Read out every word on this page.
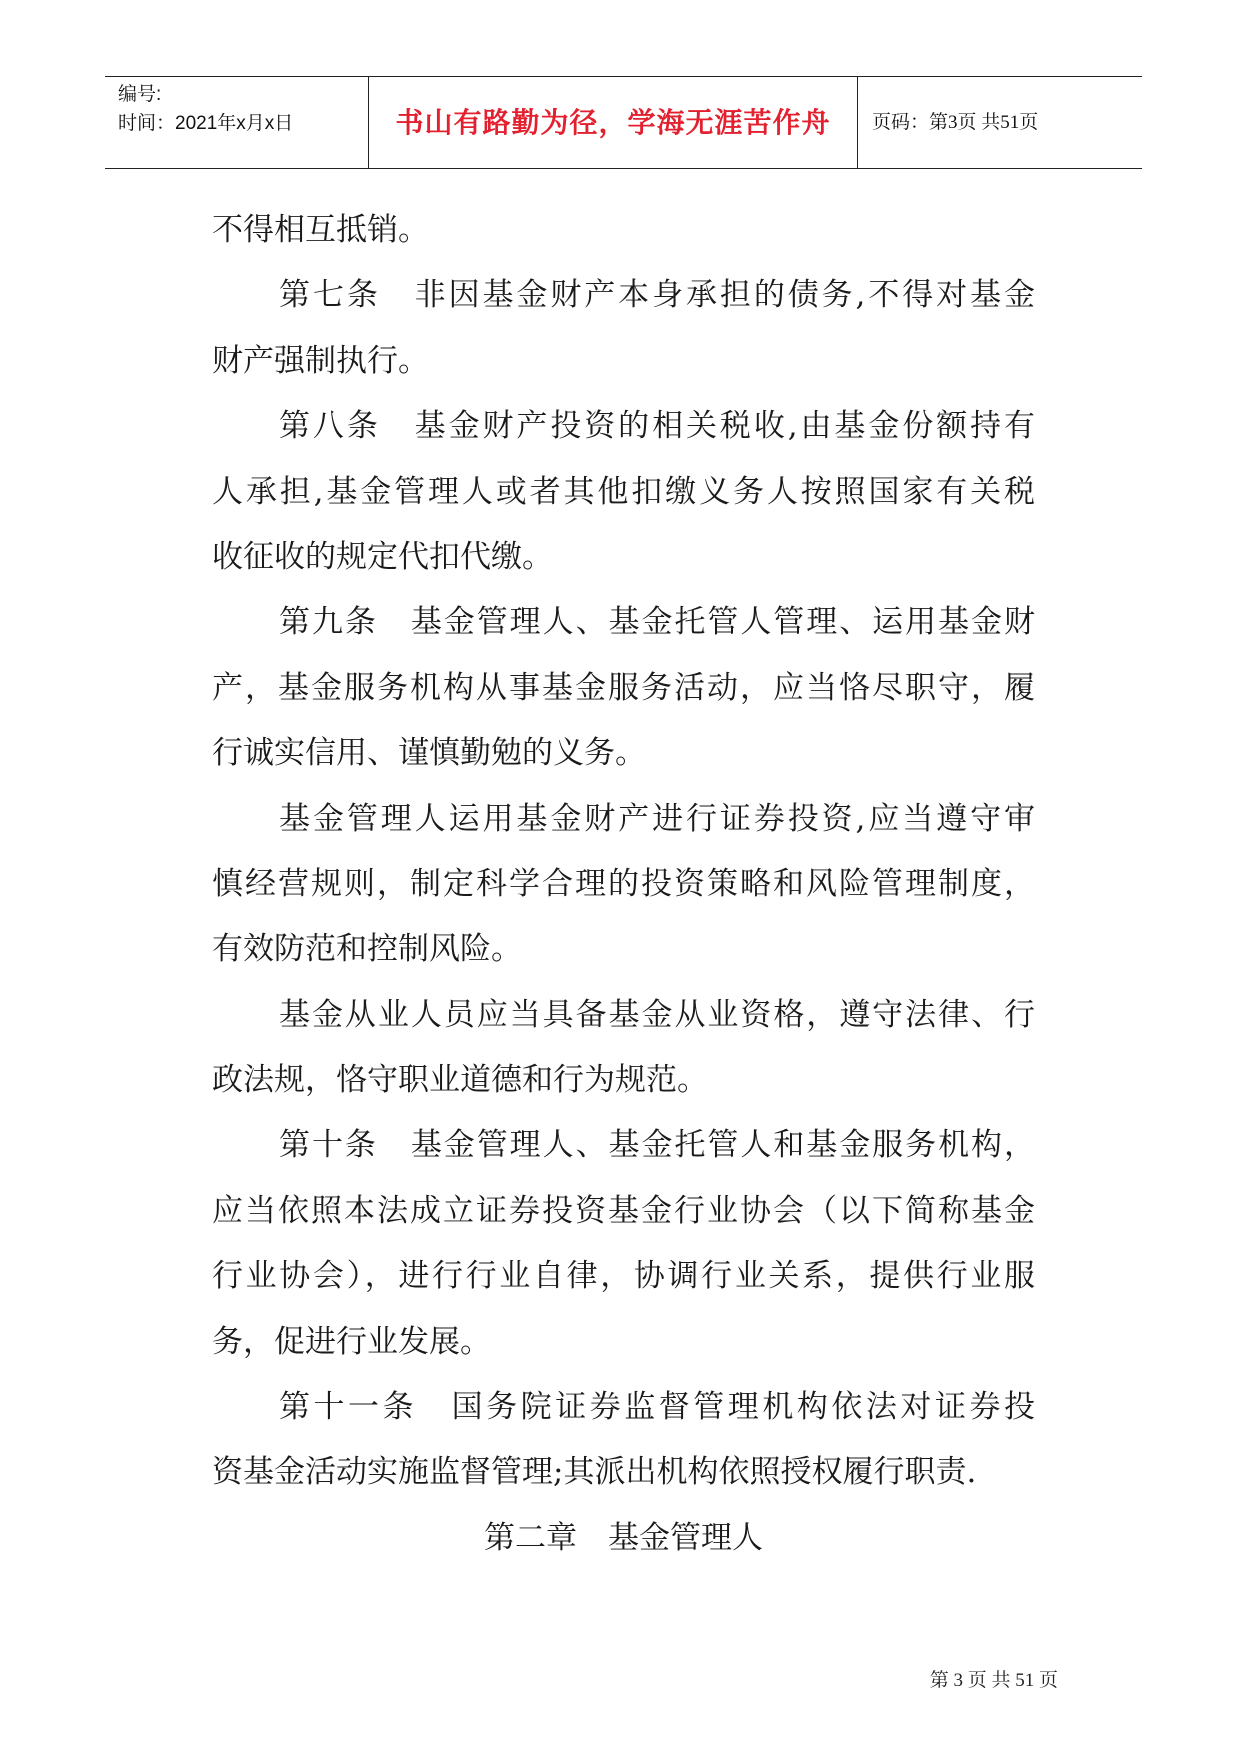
编号:
时间：2021年x月x日	书山有路勤为径，学海无涯苦作舟	页码：第3页 共51页
不得相互抵销。
第七条　非因基金财产本身承担的债务,不得对基金
财产强制执行。
第八条　基金财产投资的相关税收,由基金份额持有
人承担,基金管理人或者其他扣缴义务人按照国家有关税
收征收的规定代扣代缴。
第九条　基金管理人、基金托管人管理、运用基金财
产，基金服务机构从事基金服务活动，应当恪尽职守，履
行诚实信用、谨慎勤勉的义务。
基金管理人运用基金财产进行证券投资,应当遵守审
慎经营规则，制定科学合理的投资策略和风险管理制度，
有效防范和控制风险。
基金从业人员应当具备基金从业资格，遵守法律、行
政法规，恪守职业道德和行为规范。
第十条　基金管理人、基金托管人和基金服务机构，
应当依照本法成立证券投资基金行业协会（以下简称基金
行业协会），进行行业自律，协调行业关系，提供行业服
务，促进行业发展。
第十一条　国务院证券监督管理机构依法对证券投
资基金活动实施监督管理;其派出机构依照授权履行职责.
第二章　基金管理人
第 3 页 共 51 页
